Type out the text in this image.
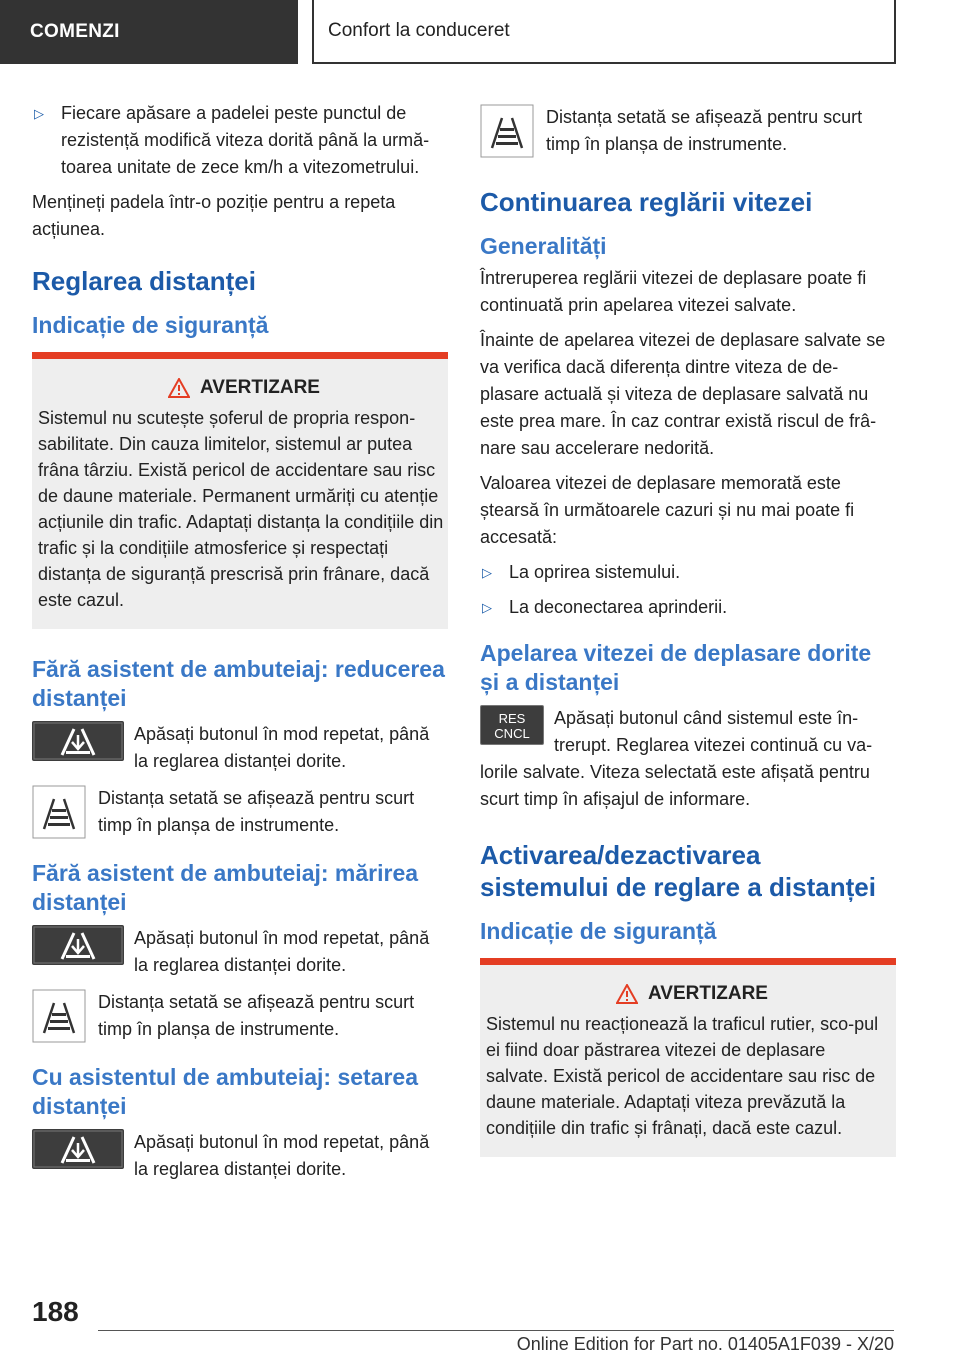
COMENZI	Confort la conduceret
▷ Fiecare apăsare a padelei peste punctul de rezistență modifică viteza dorită până la urmă-toarea unitate de zece km/h a vitezometrului.

Mențineți padela într-o poziție pentru a repeta acțiunea.

Reglarea distanței
Indicație de siguranță
AVERTIZARE
Sistemul nu scutește șoferul de propria respon-sabilitate. Din cauza limitelor, sistemul ar putea frâna târziu. Există pericol de accidentare sau risc de daune materiale. Permanent urmăriți cu atenție acțiunile din trafic. Adaptați distanța la condițiile din trafic și la condițiile atmosferice și respectați distanța de siguranță prescrisă prin frânare, dacă este cazul.
Fără asistent de ambuteiaj: reducerea distanței
Apăsați butonul în mod repetat, până la reglarea distanței dorite.
Distanța setată se afișează pentru scurt timp în planșa de instrumente.
Fără asistent de ambuteiaj: mărirea distanței
Apăsați butonul în mod repetat, până la reglarea distanței dorite.
Distanța setată se afișează pentru scurt timp în planșa de instrumente.
Cu asistentul de ambuteiaj: setarea distanței
Apăsați butonul în mod repetat, până la reglarea distanței dorite.
Distanța setată se afișează pentru scurt timp în planșa de instrumente.
Continuarea reglării vitezei
Generalități

Întreruperea reglării vitezei de deplasare poate fi continuată prin apelarea vitezei salvate.

Înainte de apelarea vitezei de deplasare salvate se va verifica dacă diferența dintre viteza de de-plasare actuală și viteza de deplasare salvată nu este prea mare. În caz contrar există riscul de frâ-nare sau accelerare nedorită.

Valoarea vitezei de deplasare memorată este ștearsă în următoarele cazuri și nu mai poate fi accesată:

▷ La oprirea sistemului.
▷ La deconectarea aprinderii.
Apelarea vitezei de deplasare dorite și a distanței
RES
CNCL
Apăsați butonul când sistemul este în-trerupt. Reglarea vitezei continuă cu va-lorile salvate. Viteza selectată este afișată pentru scurt timp în afișajul de informare.
Activarea/dezactivarea sistemului de reglare a distanței
Indicație de siguranță
AVERTIZARE
Sistemul nu reacționează la traficul rutier, sco-pul ei fiind doar păstrarea vitezei de deplasare salvate. Există pericol de accidentare sau risc de daune materiale. Adaptați viteza prevăzută la condițiile din trafic și frânați, dacă este cazul.
188
Online Edition for Part no. 01405A1F039 - X/20
